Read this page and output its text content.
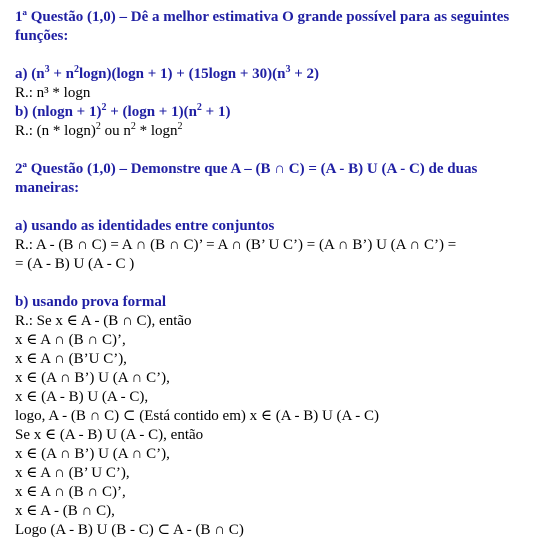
1ª Questão (1,0) – Dê a melhor estimativa O grande possível para as seguintes
funções:
a) $(n^3 + n^2\log n)(\log n + 1) + (15\log n + 30)(n^3 + 2)$
R.: n³ * logn
b) $(nlogn + 1)^2 + (\log n + 1)(n^2 + 1)$
R.: (n * logn)$^2$ ou $n^2 * \log n^2$
2ª Questão (1,0) – Demonstre que A – (B ∩ C) = (A - B) U (A - C) de duas
maneiras:
a) usando as identidades entre conjuntos
R.: A - (B ∩ C) = A ∩ (B ∩ C)’ = A ∩ (B’ U C’) = (A ∩ B’) U (A ∩ C’) =
= (A - B) U (A - C )
b) usando prova formal
R.: Se x ∈ A - (B ∩ C), então
x ∈ A ∩ (B ∩ C)’,
x ∈ A ∩ (B’U C’),
x ∈ (A ∩ B’) U (A ∩ C’),
x ∈ (A - B) U (A - C),
logo, A - (B ∩ C) ⊂ (Está contido em) x ∈ (A - B) U (A - C)
Se x ∈ (A - B) U (A - C), então
x ∈ (A ∩ B’) U (A ∩ C’),
x ∈ A ∩ (B’ U C’),
x ∈ A ∩ (B ∩ C)’,
x ∈ A - (B ∩ C),
Logo (A - B) U (B - C) ⊂ A - (B ∩ C)
